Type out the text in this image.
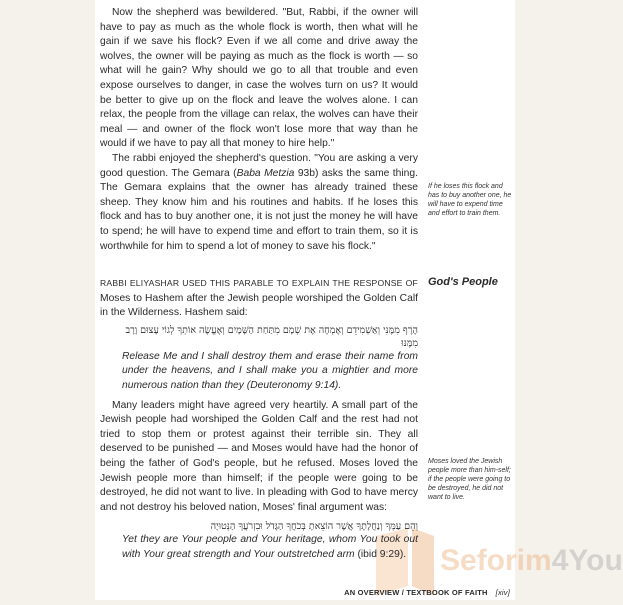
Seforim4You

Now the shepherd was bewildered. "But, Rabbi, if the owner will have to pay as much as the whole flock is worth, then what will he gain if we save his flock? Even if we all come and drive away the wolves, the owner will be paying as much as the flock is worth — so what will he gain? Why should we go to all that trouble and even expose ourselves to danger, in case the wolves turn on us? It would be better to give up on the flock and leave the wolves alone. I can relax, the people from the village can relax, the wolves can have their meal — and owner of the flock won't lose more that way than he would if we have to pay all that money to hire help."

The rabbi enjoyed the shepherd's question. "You are asking a very good question. The Gemara (Baba Metzia 93b) asks the same thing. The Gemara explains that the owner has already trained these sheep. They know him and his routines and habits. If he loses this flock and has to buy another one, it is not just the money he will have to spend; he will have to expend time and effort to train them, so it is worthwhile for him to spend a lot of money to save his flock."

RABBI ELIYASHAR USED THIS PARABLE TO EXPLAIN THE RESPONSE OF Moses to Hashem after the Jewish people worshiped the Golden Calf in the Wilderness. Hashem said:

הֶרֶף מִמֶּנִּי וְאַשְׁמִידֵם וְאֶמְחֶה אֶת שְׁמָם מִתַּחַת הַשָּׁמָיִם וְאֶעֱשֶׂה אוֹתְךָ לְגוֹי עָצוּם וָרָב מִמֶּנּוּ
Release Me and I shall destroy them and erase their name from under the heavens, and I shall make you a mightier and more numerous nation than they (Deuteronomy 9:14).

Many leaders might have agreed very heartily. A small part of the Jewish people had worshiped the Golden Calf and the rest had not tried to stop them or protest against their terrible sin. They all deserved to be punished — and Moses would have had the honor of being the father of God's people, but he refused. Moses loved the Jewish people more than himself; if the people were going to be destroyed, he did not want to live. In pleading with God to have mercy and not destroy his beloved nation, Moses' final argument was:

וְהֵם עַמְּךָ וְנַחֲלָתֶךָ אֲשֶׁר הוֹצֵאתָ בְּכֹחֲךָ הַגָּדֹל וּבִזְרֹעֲךָ הַנְּטוּיָה
Yet they are Your people and Your heritage, whom You took out with Your great strength and Your outstretched arm (ibid 9:29).
If he loses this flock and has to buy another one, he will have to expend time and effort to train them.
God's People
Moses loved the Jewish people more than him-self; if the people were going to be destroyed, he did not want to live.
AN OVERVIEW / TEXTBOOK OF FAITH [xiv]
